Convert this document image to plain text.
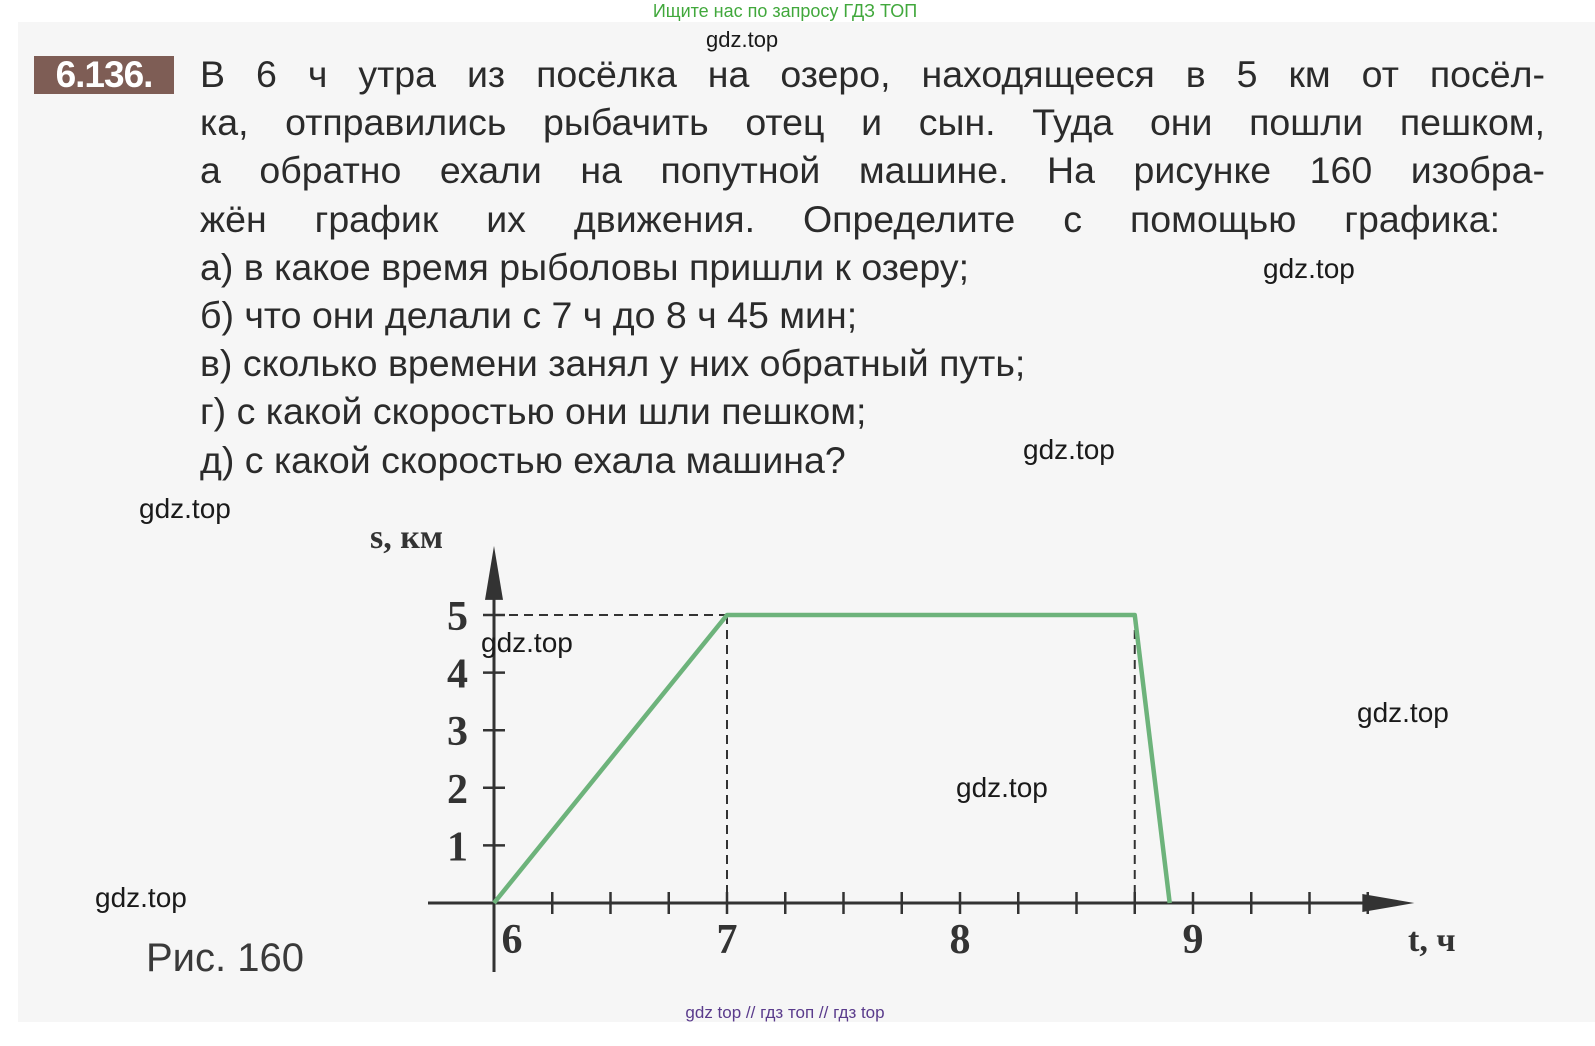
Ищите нас по запросу ГДЗ ТОП
gdz.top
6.136.	В 6 ч утра из посёлка на озеро, находящееся в 5 км от посёл-
ка, отправились рыбачить отец и сын. Туда они пошли пешком,
а обратно ехали на попутной машине. На рисунке 160 изобра-
жён график их движения. Определите с помощью графика:
а) в какое время рыболовы пришли к озеру;
б) что они делали с 7 ч до 8 ч 45 мин;
в) сколько времени занял у них обратный путь;
г) с какой скоростью они шли пешком;
д) с какой скоростью ехала машина?
gdz.top
gdz.top
gdz.top
6	7	8	9
1
2
3
4
5
s, км
t, ч
gdz.top
gdz.top
gdz.top
gdz.top
Рис. 160
gdz top // гдз топ // гдз top
